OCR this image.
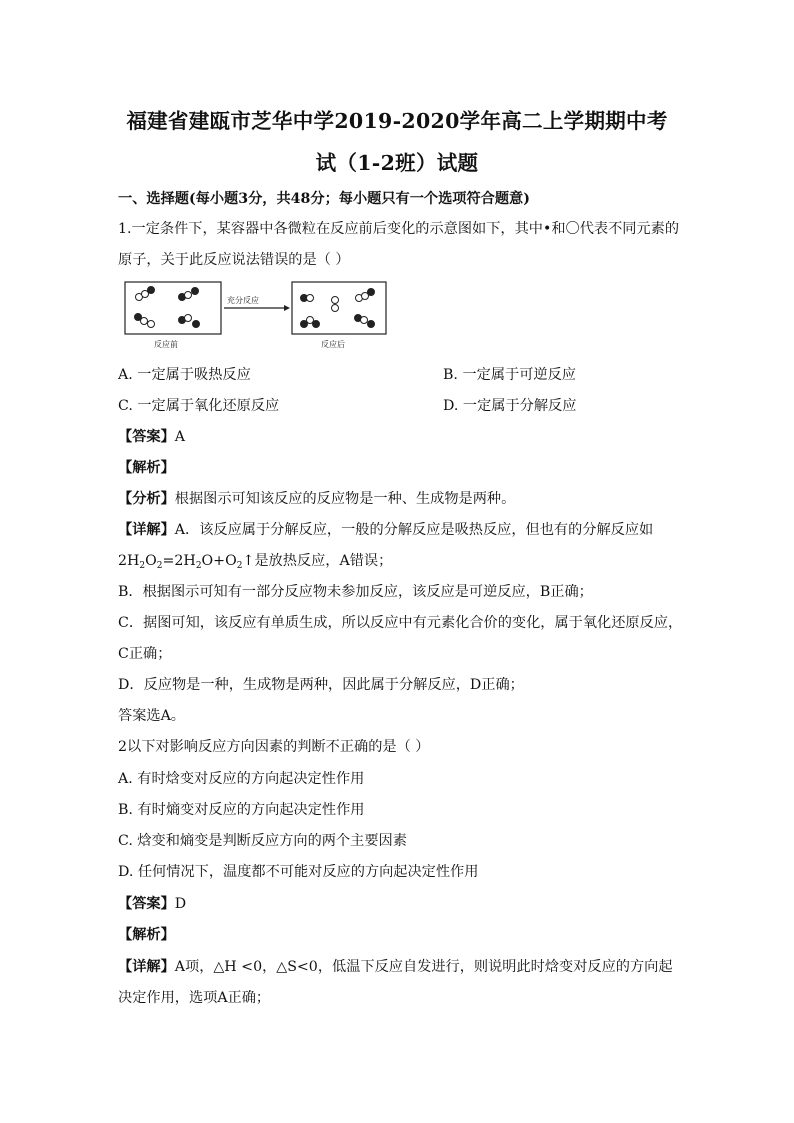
福建省建瓯市芝华中学2019-2020学年高二上学期期中考
试（1-2班）试题
一、选择题(每小题3分，共48分；每小题只有一个选项符合题意)
1.一定条件下，某容器中各微粒在反应前后变化的示意图如下，其中•和〇代表不同元素的
原子，关于此反应说法错误的是（ ）
充分反应
反应前	反应后
A. 一定属于吸热反应	B. 一定属于可逆反应
C. 一定属于氧化还原反应	D. 一定属于分解反应
【答案】A
【解析】
【分析】根据图示可知该反应的反应物是一种、生成物是两种。
【详解】A．该反应属于分解反应，一般的分解反应是吸热反应，但也有的分解反应如
$2H_2O_2=2H_2O+O_2↑$是放热反应，A错误；
B．根据图示可知有一部分反应物未参加反应，该反应是可逆反应，B正确；
C．据图可知，该反应有单质生成，所以反应中有元素化合价的变化，属于氧化还原反应，
C正确；
D．反应物是一种，生成物是两种，因此属于分解反应，D正确；
答案选A。
2以下对影响反应方向因素的判断不正确的是（ ）
A. 有时焓变对反应的方向起决定性作用
B. 有时熵变对反应的方向起决定性作用
C. 焓变和熵变是判断反应方向的两个主要因素
D. 任何情况下，温度都不可能对反应的方向起决定性作用
【答案】D
【解析】
【详解】A项，△H <0，△S<0，低温下反应自发进行，则说明此时焓变对反应的方向起
决定作用，选项A正确；
